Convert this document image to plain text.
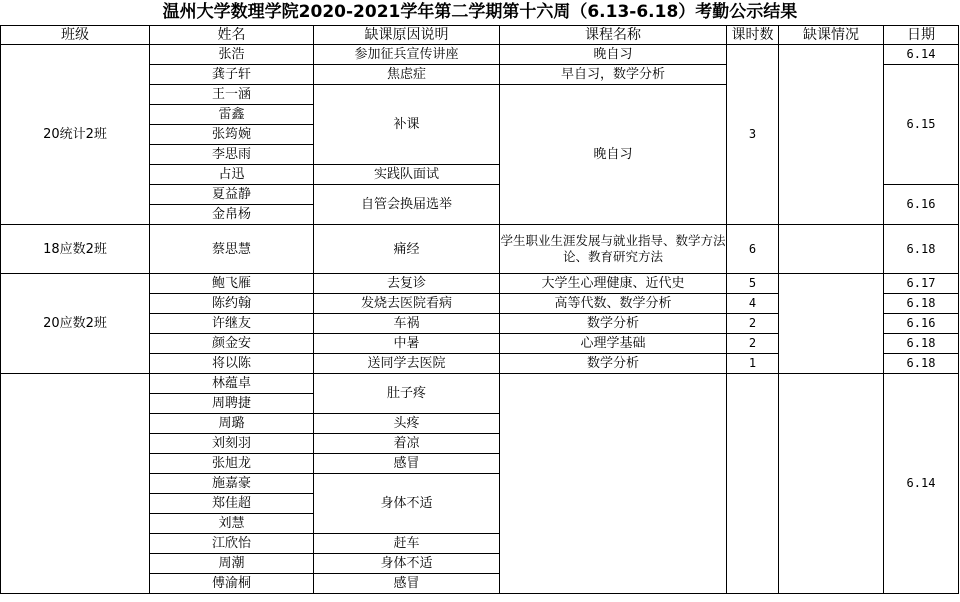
温州大学数理学院2020-2021学年第二学期第十六周（6.13-6.18）考勤公示结果
班级	姓名	缺课原因说明	课程名称	课时数	缺课情况	日期
20统计2班	张浩	参加征兵宣传讲座	晚自习	3		6.14
	龚子轩	焦虑症	早自习，数学分析			6.15
	王一涵	补课	晚自习			
	雷鑫					
	张筠婉					
	李思雨					
	占迅	实践队面试				
	夏益静	自管会换届选举				6.16
	金帛杨					
18应数2班	蔡思慧	痛经	学生职业生涯发展与就业指导、数学方法论、教育研究方法	6		6.18
20应数2班	鲍飞雁	去复诊	大学生心理健康、近代史	5		6.17
	陈约翰	发烧去医院看病	高等代数、数学分析	4		6.18
	许继友	车祸	数学分析	2		6.16
	颜金安	中暑	心理学基础	2		6.18
	将以陈	送同学去医院	数学分析	1		6.18
	林蕴卓	肚子疼				6.14
	周聘捷					
	周璐	头疼				
	刘刻羽	着凉				
	张旭龙	感冒				
	施嘉豪	身体不适				
	郑佳超					
	刘慧					
	江欣怡	赶车				
	周潮	身体不适				
	傅渝桐	感冒				
